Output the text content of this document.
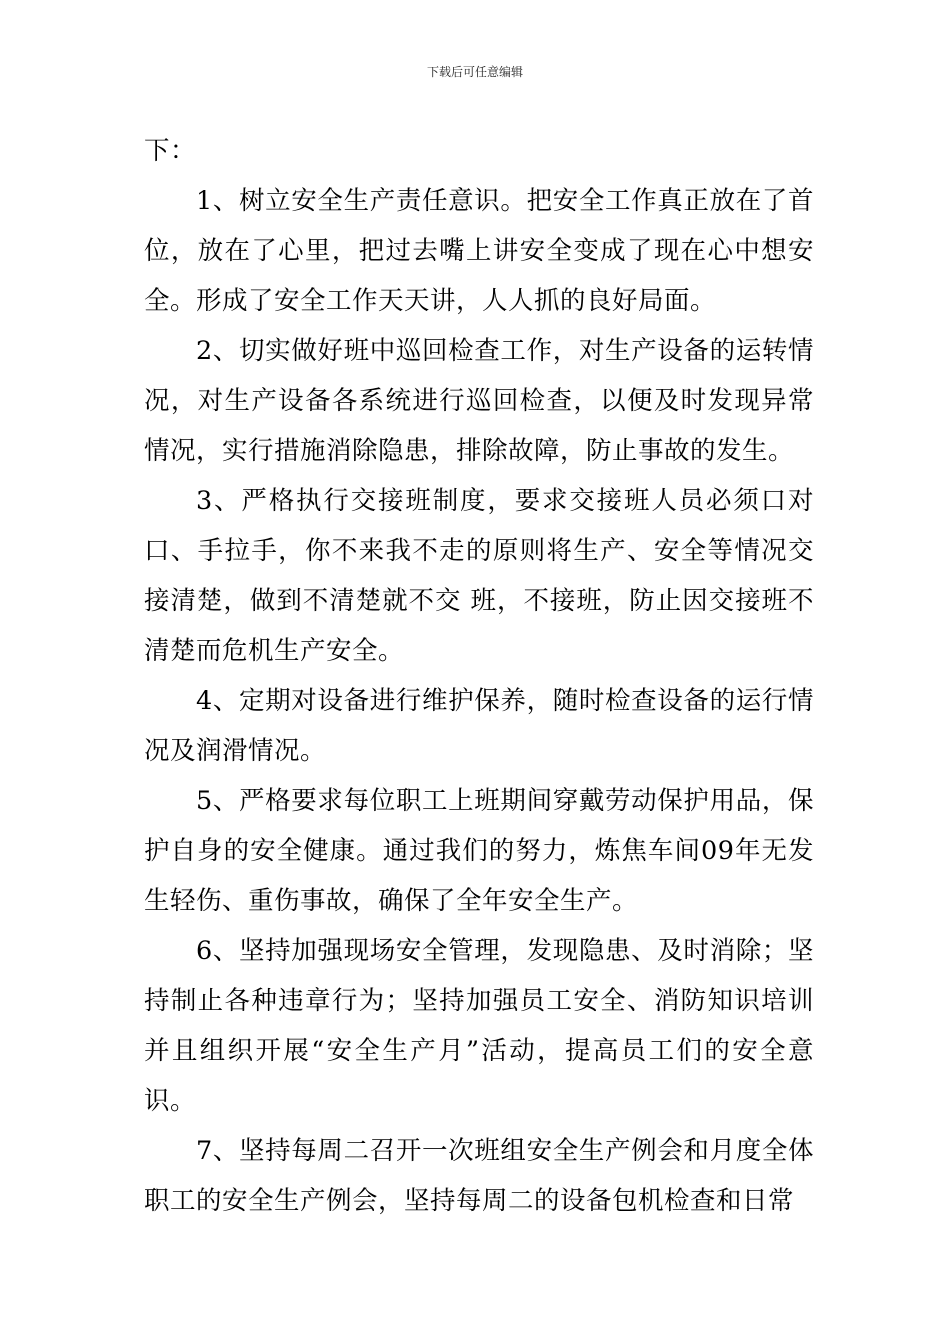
下载后可任意编辑

下：

1、树立安全生产责任意识。把安全工作真正放在了首位，放在了心里，把过去嘴上讲安全变成了现在心中想安全。形成了安全工作天天讲，人人抓的良好局面。

2、切实做好班中巡回检查工作，对生产设备的运转情况，对生产设备各系统进行巡回检查，以便及时发现异常情况，实行措施消除隐患，排除故障，防止事故的发生。

3、严格执行交接班制度，要求交接班人员必须口对口、手拉手，你不来我不走的原则将生产、安全等情况交接清楚，做到不清楚就不交 班，不接班，防止因交接班不清楚而危机生产安全。

4、定期对设备进行维护保养，随时检查设备的运行情况及润滑情况。

5、严格要求每位职工上班期间穿戴劳动保护用品，保护自身的安全健康。通过我们的努力，炼焦车间09年无发生轻伤、重伤事故，确保了全年安全生产。

6、坚持加强现场安全管理，发现隐患、及时消除；坚持制止各种违章行为；坚持加强员工安全、消防知识培训并且组织开展“安全生产月”活动，提高员工们的安全意识。

7、坚持每周二召开一次班组安全生产例会和月度全体职工的安全生产例会，坚持每周二的设备包机检查和日常
